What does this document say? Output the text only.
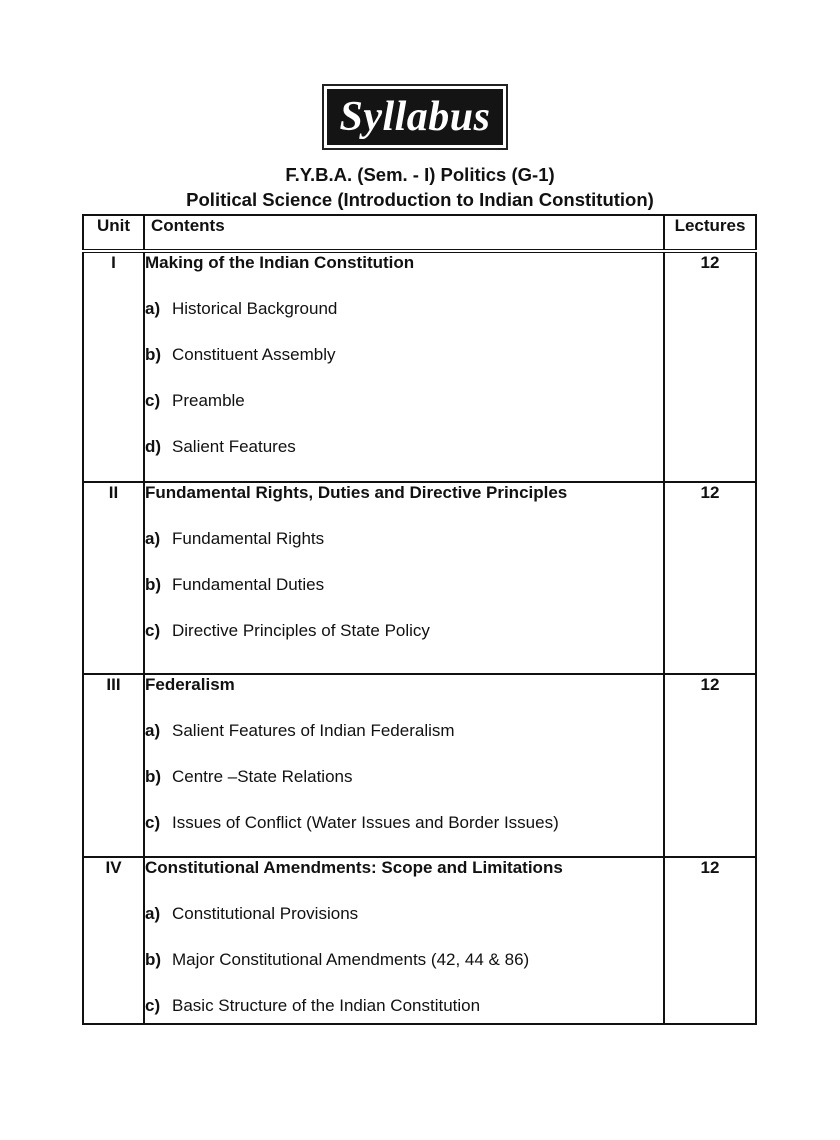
Syllabus
F.Y.B.A. (Sem. - I) Politics (G-1)
Political Science (Introduction to Indian Constitution)
Unit	Contents	Lectures
I	Making of the Indian Constitution
a) Historical Background
b) Constituent Assembly
c) Preamble
d) Salient Features	12
II	Fundamental Rights, Duties and Directive Principles
a) Fundamental Rights
b) Fundamental Duties
c) Directive Principles of State Policy	12
III	Federalism
a) Salient Features of Indian Federalism
b) Centre –State Relations
c) Issues of Conflict (Water Issues and Border Issues)	12
IV	Constitutional Amendments: Scope and Limitations
a) Constitutional Provisions
b) Major Constitutional Amendments (42, 44 & 86)
c) Basic Structure of the Indian Constitution	12
